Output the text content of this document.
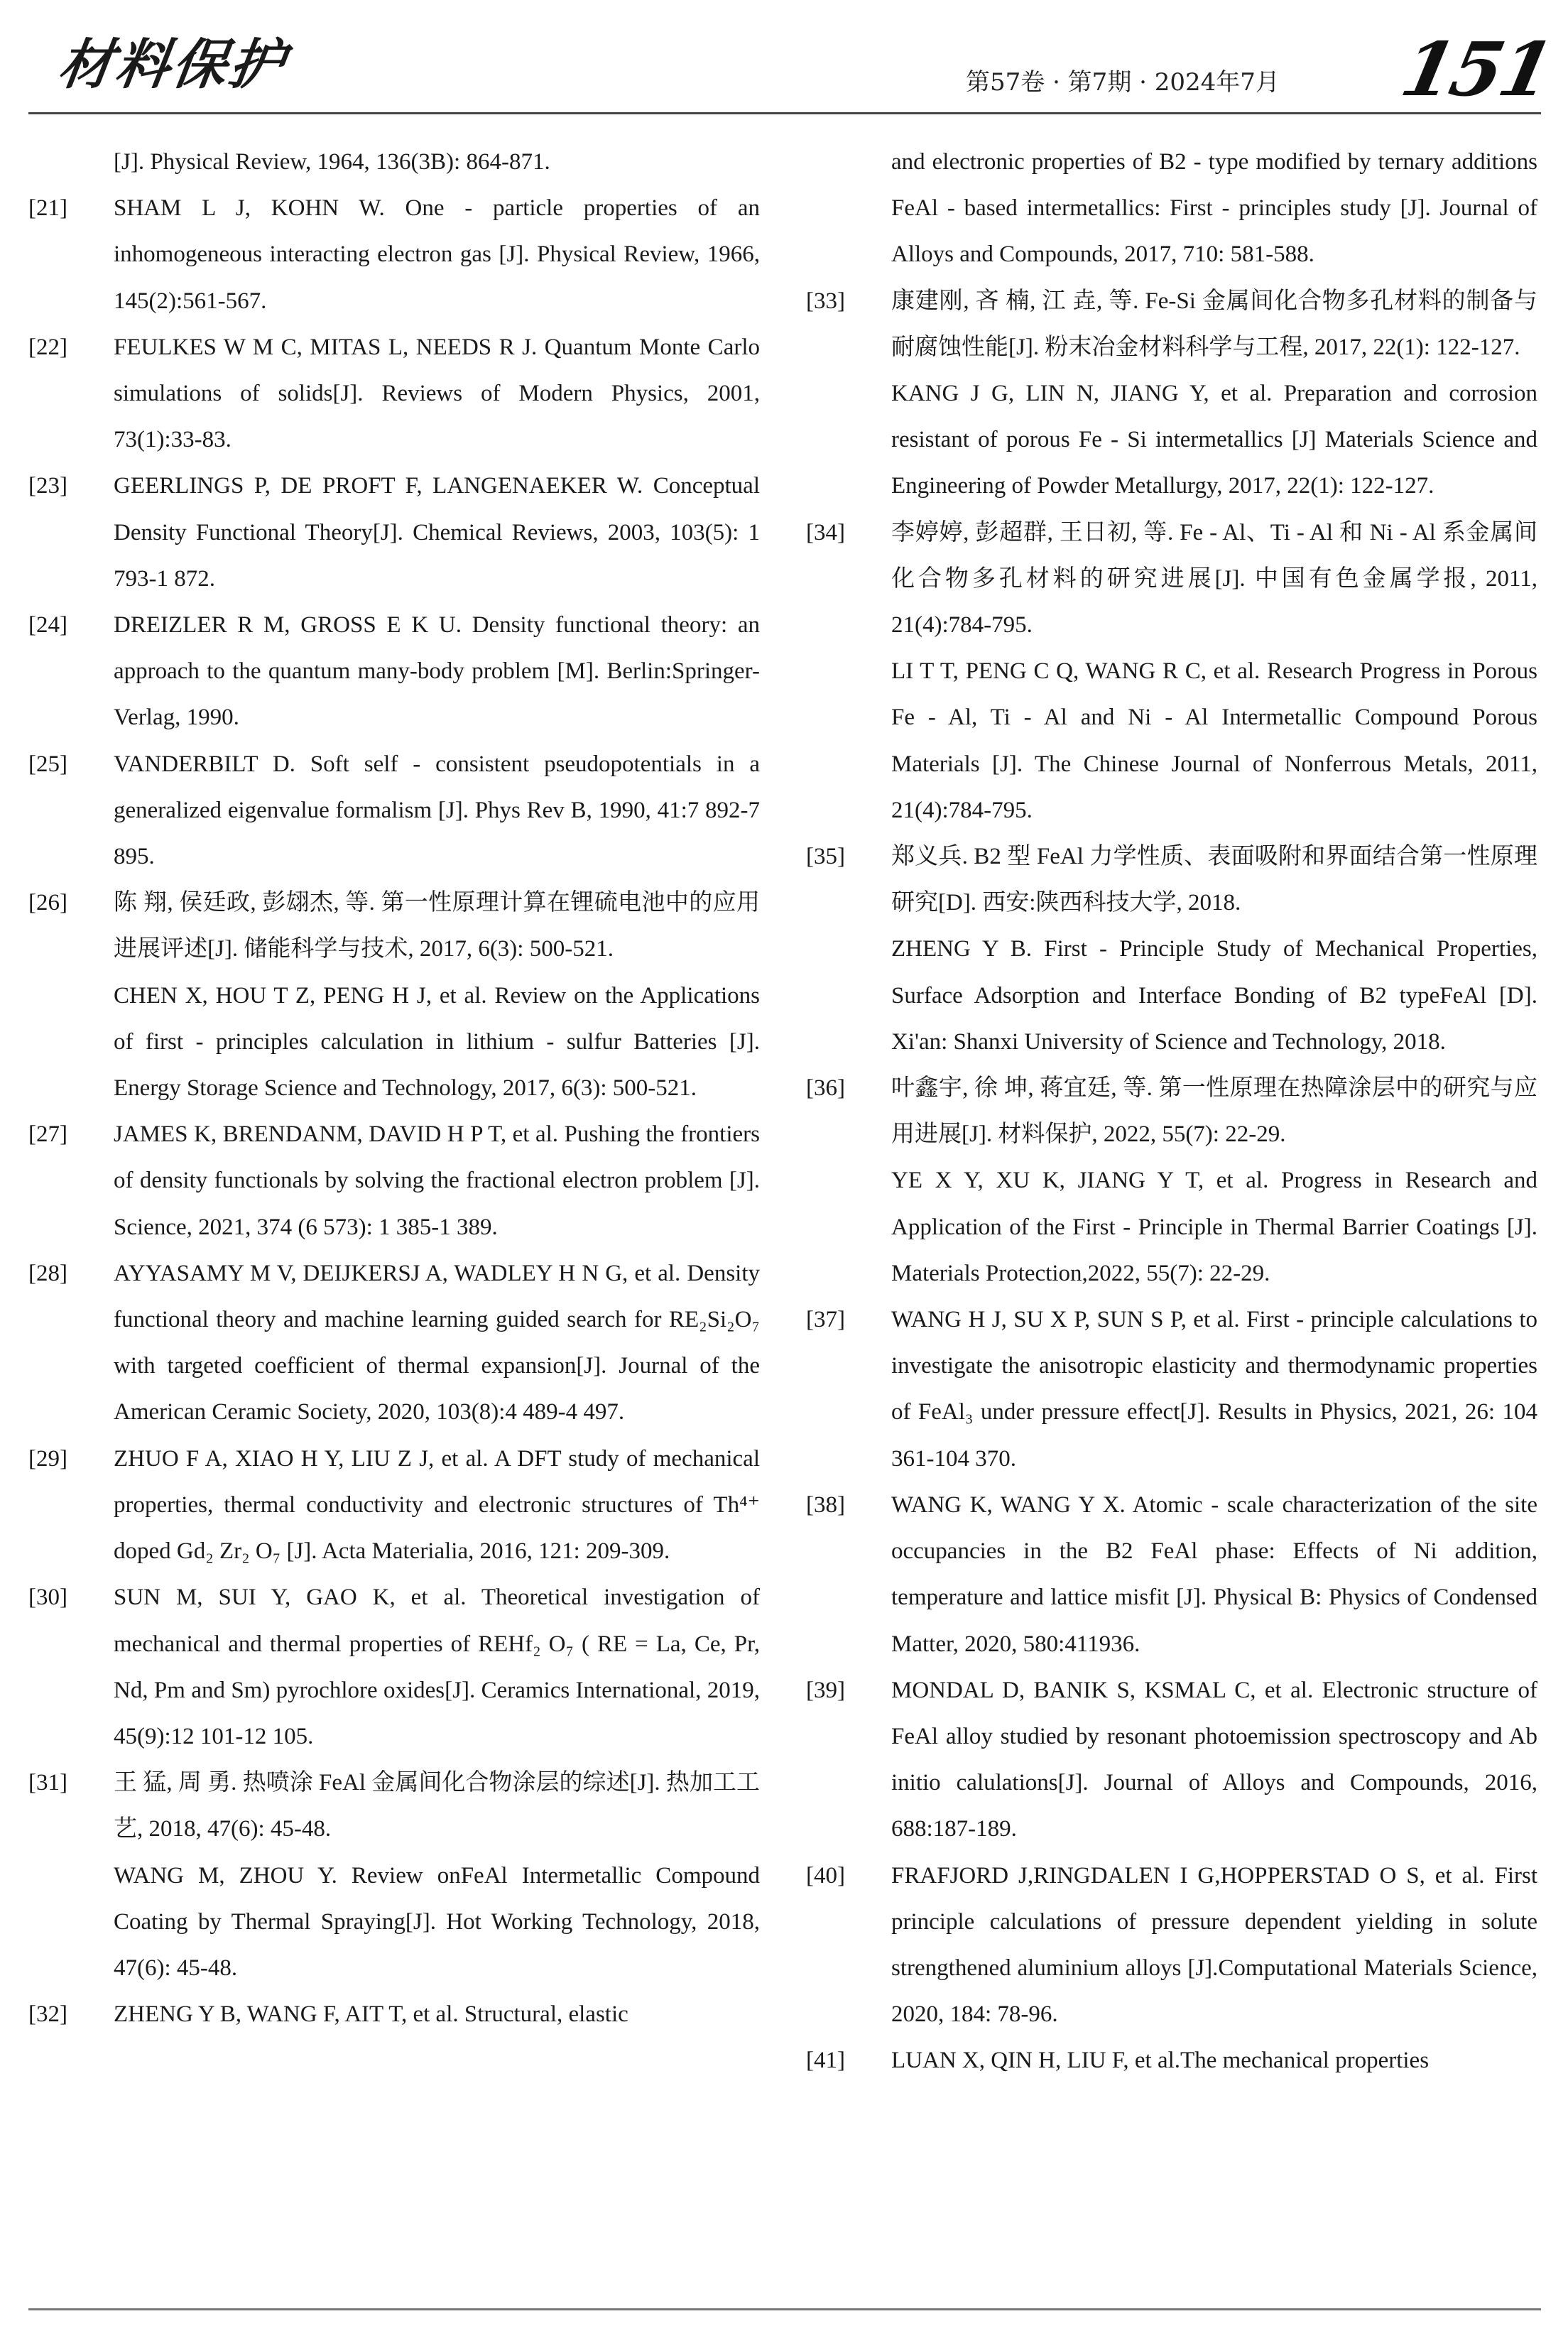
材料保护	第57卷 · 第7期 · 2024年7月 151
[J]. Physical Review, 1964, 136(3B): 864-871.
[21] SHAM L J, KOHN W. One - particle properties of an inhomogeneous interacting electron gas [J]. Physical Review, 1966, 145(2):561-567.
[22] FEULKES W M C, MITAS L, NEEDS R J. Quantum Monte Carlo simulations of solids[J]. Reviews of Modern Physics, 2001, 73(1):33-83.
[23] GEERLINGS P, DE PROFT F, LANGENAEKER W. Conceptual Density Functional Theory[J]. Chemical Reviews, 2003, 103(5): 1 793-1 872.
[24] DREIZLER R M, GROSS E K U. Density functional theory: an approach to the quantum many-body problem [M]. Berlin:Springer-Verlag, 1990.
[25] VANDERBILT D. Soft self - consistent pseudopotentials in a generalized eigenvalue formalism [J]. Phys Rev B, 1990, 41:7 892-7 895.
[26] 陈 翔, 侯廷政, 彭翃杰, 等. 第一性原理计算在锂硫电池中的应用进展评述[J]. 储能科学与技术, 2017, 6(3): 500-521.
CHEN X, HOU T Z, PENG H J, et al. Review on the Applications of first - principles calculation in lithium - sulfur Batteries [J]. Energy Storage Science and Technology, 2017, 6(3): 500-521.
[27] JAMES K, BRENDANM, DAVID H P T, et al. Pushing the frontiers of density functionals by solving the fractional electron problem [J]. Science, 2021, 374 (6 573): 1 385-1 389.
[28] AYYASAMY M V, DEIJKERSJ A, WADLEY H N G, et al. Density functional theory and machine learning guided search for RE₂Si₂O₇ with targeted coefficient of thermal expansion[J]. Journal of the American Ceramic Society, 2020, 103(8):4 489-4 497.
[29] ZHUO F A, XIAO H Y, LIU Z J, et al. A DFT study of mechanical properties, thermal conductivity and electronic structures of Th⁴⁺ doped Gd₂ Zr₂ O₇ [J]. Acta Materialia, 2016, 121: 209-309.
[30] SUN M, SUI Y, GAO K, et al. Theoretical investigation of mechanical and thermal properties of REHf₂ O₇ ( RE = La, Ce, Pr, Nd, Pm and Sm) pyrochlore oxides[J]. Ceramics International, 2019, 45(9):12 101-12 105.
[31] 王 猛, 周 勇. 热喷涂 FeAl 金属间化合物涂层的综述[J]. 热加工工艺, 2018, 47(6): 45-48.
WANG M, ZHOU Y. Review onFeAl Intermetallic Compound Coating by Thermal Spraying[J]. Hot Working Technology, 2018, 47(6): 45-48.
[32] ZHENG Y B, WANG F, AIT T, et al. Structural, elastic
and electronic properties of B2 - type modified by ternary additions FeAl - based intermetallics: First - principles study [J]. Journal of Alloys and Compounds, 2017, 710: 581-588.
[33] 康建刚, 吝 楠, 江 垚, 等. Fe-Si 金属间化合物多孔材料的制备与耐腐蚀性能[J]. 粉末冶金材料科学与工程, 2017, 22(1): 122-127.
KANG J G, LIN N, JIANG Y, et al. Preparation and corrosion resistant of porous Fe - Si intermetallics [J] Materials Science and Engineering of Powder Metallurgy, 2017, 22(1): 122-127.
[34] 李婷婷, 彭超群, 王日初, 等. Fe - Al、Ti - Al 和 Ni - Al 系金属间化合物多孔材料的研究进展[J]. 中国有色金属学报, 2011, 21(4):784-795.
LI T T, PENG C Q, WANG R C, et al. Research Progress in Porous Fe - Al, Ti - Al and Ni - Al Intermetallic Compound Porous Materials [J]. The Chinese Journal of Nonferrous Metals, 2011, 21(4):784-795.
[35] 郑义兵. B2 型 FeAl 力学性质、表面吸附和界面结合第一性原理研究[D]. 西安:陕西科技大学, 2018.
ZHENG Y B. First - Principle Study of Mechanical Properties, Surface Adsorption and Interface Bonding of B2 typeFeAl [D]. Xi'an: Shanxi University of Science and Technology, 2018.
[36] 叶鑫宇, 徐 坤, 蒋宜廷, 等. 第一性原理在热障涂层中的研究与应用进展[J]. 材料保护, 2022, 55(7): 22-29.
YE X Y, XU K, JIANG Y T, et al. Progress in Research and Application of the First - Principle in Thermal Barrier Coatings [J]. Materials Protection,2022, 55(7): 22-29.
[37] WANG H J, SU X P, SUN S P, et al. First - principle calculations to investigate the anisotropic elasticity and thermodynamic properties of FeAl₃ under pressure effect[J]. Results in Physics, 2021, 26: 104 361-104 370.
[38] WANG K, WANG Y X. Atomic - scale characterization of the site occupancies in the B2 FeAl phase: Effects of Ni addition, temperature and lattice misfit [J]. Physical B: Physics of Condensed Matter, 2020, 580:411936.
[39] MONDAL D, BANIK S, KSMAL C, et al. Electronic structure of FeAl alloy studied by resonant photoemission spectroscopy and Ab initio calulations[J]. Journal of Alloys and Compounds, 2016, 688:187-189.
[40] FRAFJORD J,RINGDALEN I G,HOPPERSTAD O S, et al. First principle calculations of pressure dependent yielding in solute strengthened aluminium alloys [J].Computational Materials Science, 2020, 184: 78-96.
[41] LUAN X, QIN H, LIU F, et al.The mechanical properties
